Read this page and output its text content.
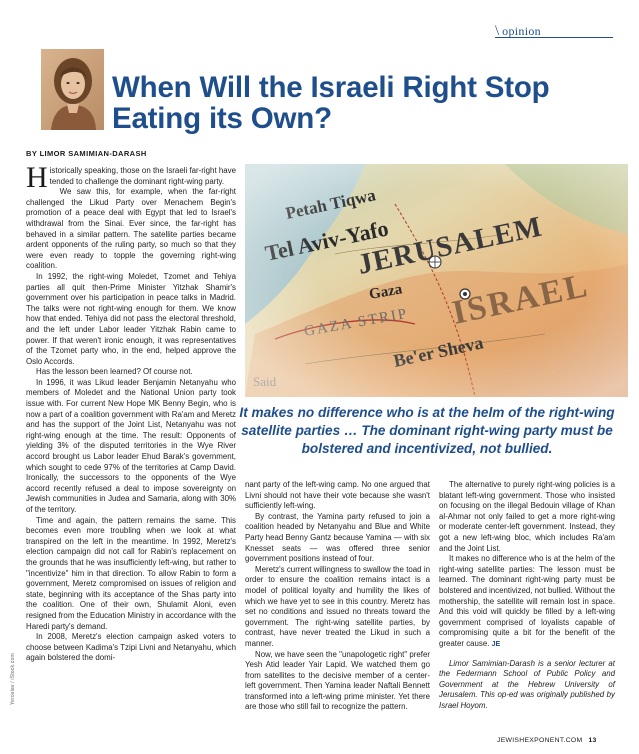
\ opinion
When Will the Israeli Right Stop Eating its Own?
BY LIMOR SAMIMIAN-DARASH

Historically speaking, those on the Israeli far-right have tended to challenge the dominant right-wing party.

We saw this, for example, when the far-right challenged the Likud Party over Menachem Begin's promotion of a peace deal with Egypt that led to Israel's withdrawal from the Sinai. Ever since, the far-right has behaved in a similar pattern. The satellite parties became ardent opponents of the ruling party, so much so that they were even ready to topple the governing right-wing coalition.

In 1992, the right-wing Moledet, Tzomet and Tehiya parties all quit then-Prime Minister Yitzhak Shamir's government over his participation in peace talks in Madrid. The talks were not right-wing enough for them. We know how that ended. Tehiya did not pass the electoral threshold, and the left under Labor leader Yitzhak Rabin came to power. If that weren't ironic enough, it was representatives of the Tzomet party who, in the end, helped approve the Oslo Accords.

Has the lesson been learned? Of course not.

In 1996, it was Likud leader Benjamin Netanyahu who members of Moledet and the National Union party took issue with. For current New Hope MK Benny Begin, who is now a part of a coalition government with Ra'am and Meretz and has the support of the Joint List, Netanyahu was not right-wing enough at the time. The result: Opponents of yielding 3% of the disputed territories in the Wye River accord brought us Labor leader Ehud Barak's government, which sought to cede 97% of the territories at Camp David. Ironically, the successors to the opponents of the Wye accord recently refused a deal to impose sovereignty on Jewish communities in Judea and Samaria, along with 30% of the territory.

Time and again, the pattern remains the same. This becomes even more troubling when we look at what transpired on the left in the meantime. In 1992, Meretz's election campaign did not call for Rabin's replacement on the grounds that he was insufficiently left-wing, but rather to "incentivize" him in that direction. To allow Rabin to form a government, Meretz compromised on issues of religion and state, beginning with its acceptance of the Shas party into the coalition. One of their own, Shulamit Aloni, even resigned from the Education Ministry in accordance with the Haredi party's demand.

In 2008, Meretz's election campaign asked voters to choose between Kadima's Tzipi Livni and Netanyahu, which again bolstered the domi-

It makes no difference who is at the helm of the right-wing satellite parties … The dominant right-wing party must be bolstered and incentivized, not bullied.

nant party of the left-wing camp. No one argued that Livni should not have their vote because she wasn't sufficiently left-wing.

By contrast, the Yamina party refused to join a coalition headed by Netanyahu and Blue and White Party head Benny Gantz because Yamina — with six Knesset seats — was offered three senior government positions instead of four.

Meretz's current willingness to swallow the toad in order to ensure the coalition remains intact is a model of political loyalty and humility the likes of which we have yet to see in this country. Meretz has set no conditions and issued no threats toward the government. The right-wing satellite parties, by contrast, have never treated the Likud in such a manner.

Now, we have seen the "unapologetic right" prefer Yesh Atid leader Yair Lapid. We watched them go from satellites to the decisive member of a center-left government. Then Yamina leader Naftali Bennett transformed into a left-wing prime minister. Yet there are those who still fail to recognize the pattern.

The alternative to purely right-wing policies is a blatant left-wing government. Those who insisted on focusing on the illegal Bedouin village of Khan al-Ahmar not only failed to get a more right-wing or moderate center-left government. Instead, they got a new left-wing bloc, which includes Ra'am and the Joint List.

It makes no difference who is at the helm of the right-wing satellite parties: The lesson must be learned. The dominant right-wing party must be bolstered and incentivized, not bullied. Without the mothership, the satellite will remain lost in space. And this void will quickly be filled by a left-wing government comprised of loyalists capable of compromising quite a bit for the benefit of the greater cause. JE

Limor Samimian-Darash is a senior lecturer at the Federmann School of Public Policy and Government at the Hebrew University of Jerusalem. This op-ed was originally published by Israel Hoyom.

Yeroslav / iStock.com
JEWISHEXPONENT.COM 13
